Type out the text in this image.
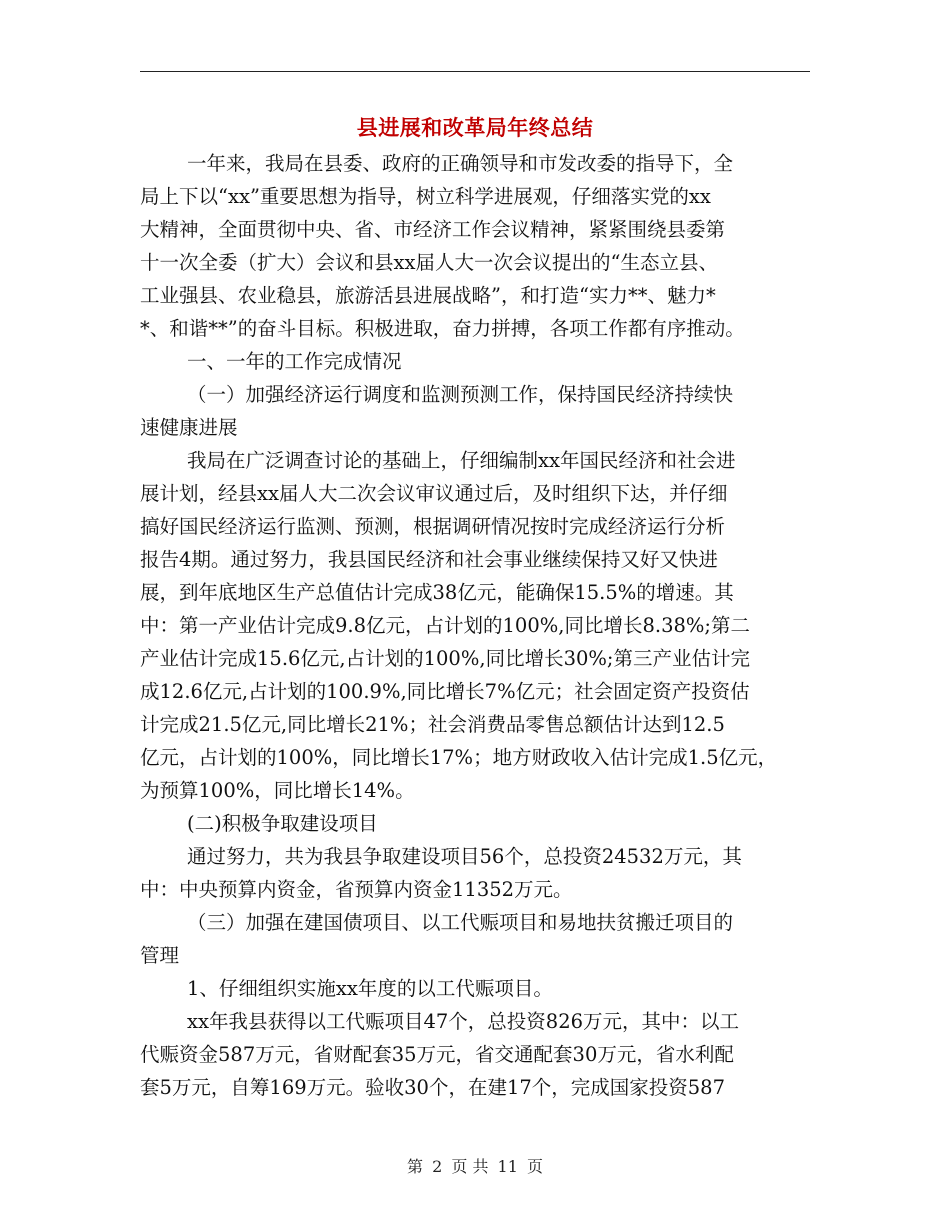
县进展和改革局年终总结
一年来，我局在县委、政府的正确领导和市发改委的指导下，全
局上下以“xx”重要思想为指导，树立科学进展观，仔细落实党的xx
大精神，全面贯彻中央、省、市经济工作会议精神，紧紧围绕县委第
十一次全委（扩大）会议和县xx届人大一次会议提出的“生态立县、
工业强县、农业稳县，旅游活县进展战略”，和打造“实力**、魅力*
*、和谐**”的奋斗目标。积极进取，奋力拼搏，各项工作都有序推动。
一、一年的工作完成情况
（一）加强经济运行调度和监测预测工作，保持国民经济持续快
速健康进展
我局在广泛调查讨论的基础上，仔细编制xx年国民经济和社会进
展计划，经县xx届人大二次会议审议通过后，及时组织下达，并仔细
搞好国民经济运行监测、预测，根据调研情况按时完成经济运行分析
报告4期。通过努力，我县国民经济和社会事业继续保持又好又快进
展，到年底地区生产总值估计完成38亿元，能确保15.5%的增速。其
中：第一产业估计完成9.8亿元，占计划的100%,同比增长8.38%;第二
产业估计完成15.6亿元,占计划的100%,同比增长30%;第三产业估计完
成12.6亿元,占计划的100.9%,同比增长7%亿元；社会固定资产投资估
计完成21.5亿元,同比增长21%；社会消费品零售总额估计达到12.5
亿元，占计划的100%，同比增长17%；地方财政收入估计完成1.5亿元，
为预算100%，同比增长14%。
(二)积极争取建设项目
通过努力，共为我县争取建设项目56个，总投资24532万元，其
中：中央预算内资金，省预算内资金11352万元。
（三）加强在建国债项目、以工代赈项目和易地扶贫搬迁项目的
管理
1、仔细组织实施xx年度的以工代赈项目。
xx年我县获得以工代赈项目47个，总投资826万元，其中：以工
代赈资金587万元，省财配套35万元，省交通配套30万元，省水利配
套5万元，自筹169万元。验收30个，在建17个，完成国家投资587
第 2 页 共 11 页
